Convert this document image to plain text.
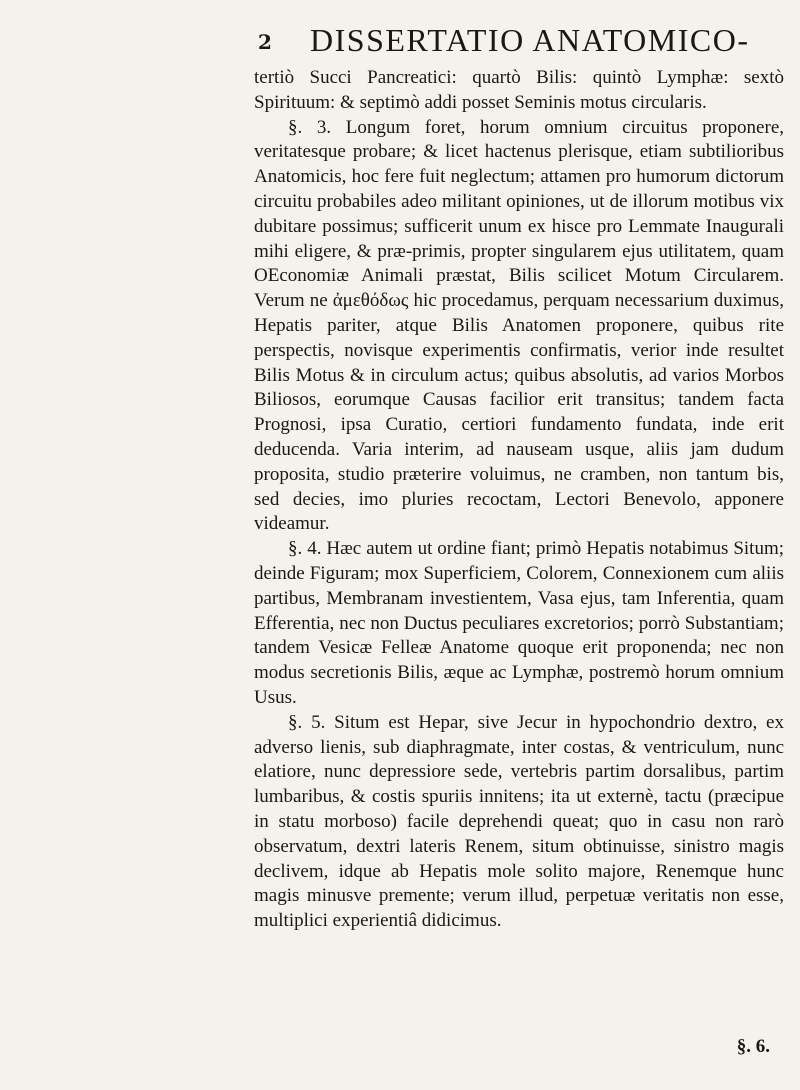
2 DISSERTATIO ANATOMICO-

tertiò Succi Pancreatici: quartò Bilis: quintò Lymphæ: sextò Spirituum: & septimò addi posset Seminis motus circularis.

§. 3. Longum foret, horum omnium circuitus proponere, veritatesque probare; & licet hactenus plerisque, etiam subtilioribus Anatomicis, hoc fere fuit neglectum; attamen pro humorum dictorum circuitu probabiles adeo militant opiniones, ut de illorum motibus vix dubitare possimus; sufficerit unum ex hisce pro Lemmate Inaugurali mihi eligere, & præ-primis, propter singularem ejus utilitatem, quam OEconomiæ Animali præstat, Bilis scilicet Motum Circularem. Verum ne ἀμεθόδως hic procedamus, perquam necessarium duximus, Hepatis pariter, atque Bilis Anatomen proponere, quibus rite perspectis, novisque experimentis confirmatis, verior inde resultet Bilis Motus & in circulum actus; quibus absolutis, ad varios Morbos Biliosos, eorumque Causas facilior erit transitus; tandem facta Prognosi, ipsa Curatio, certiori fundamento fundata, inde erit deducenda. Varia interim, ad nauseam usque, aliis jam dudum proposita, studio præterire voluimus, ne cramben, non tantum bis, sed decies, imo pluries recoctam, Lectori Benevolo, apponere videamur.

§. 4. Hæc autem ut ordine fiant; primò Hepatis notabimus Situm; deinde Figuram; mox Superficiem, Colorem, Connexionem cum aliis partibus, Membranam investientem, Vasa ejus, tam Inferentia, quam Efferentia, nec non Ductus peculiares excretorios; porrò Substantiam; tandem Vesicæ Felleæ Anatome quoque erit proponenda; nec non modus secretionis Bilis, æque ac Lymphæ, postremò horum omnium Usus.

§. 5. Situm est Hepar, sive Jecur in hypochondrio dextro, ex adverso lienis, sub diaphragmate, inter costas, & ventriculum, nunc elatiore, nunc depressiore sede, vertebris partim dorsalibus, partim lumbaribus, & costis spuriis innitens; ita ut externè, tactu (præcipue in statu morboso) facile deprehendi queat; quo in casu non rarò observatum, dextri lateris Renem, situm obtinuisse, sinistro magis declivem, idque ab Hepatis mole solito majore, Renemque hunc magis minusve premente; verum illud, perpetuæ veritatis non esse, multiplici experientiâ didicimus.

§. 6.
